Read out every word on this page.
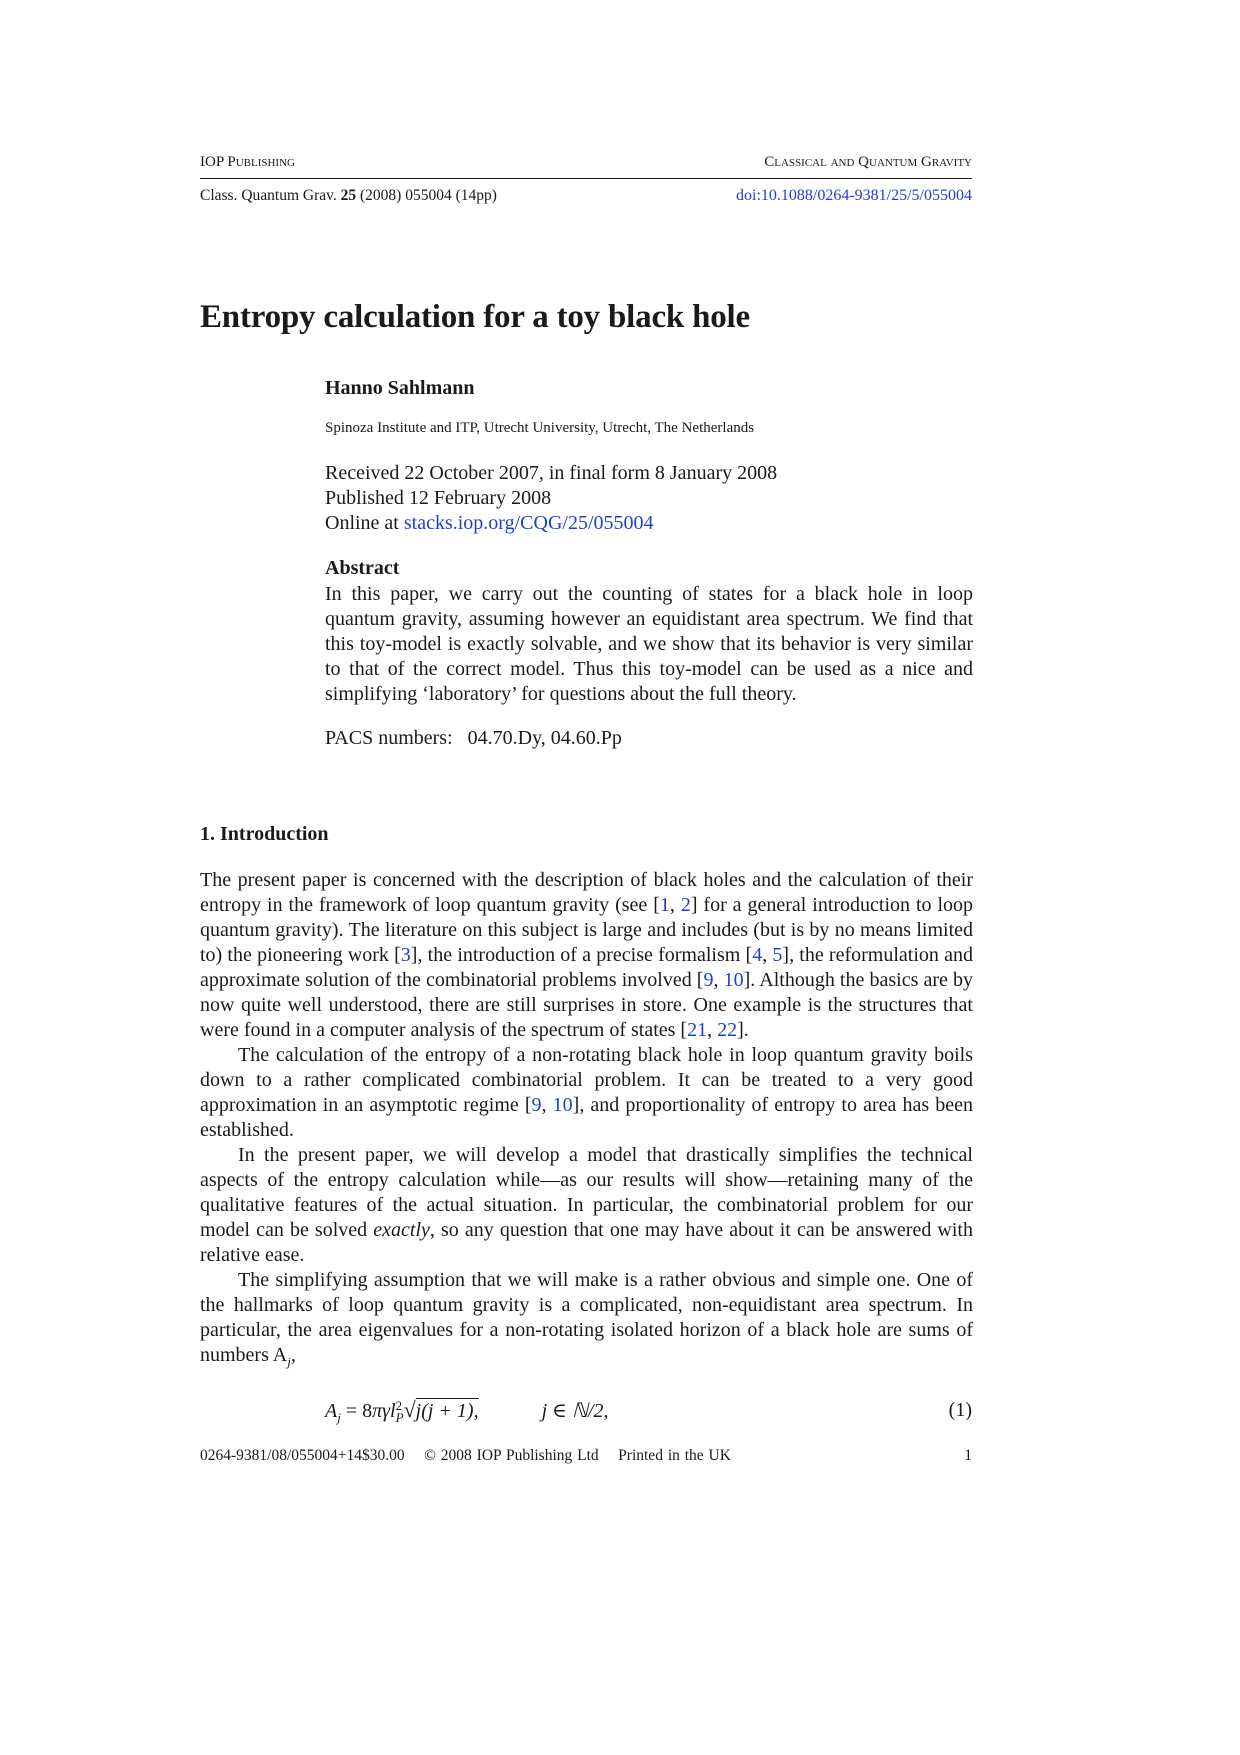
IOP Publishing	Classical and Quantum Gravity
Class. Quantum Grav. 25 (2008) 055004 (14pp)	doi:10.1088/0264-9381/25/5/055004
Entropy calculation for a toy black hole
Hanno Sahlmann
Spinoza Institute and ITP, Utrecht University, Utrecht, The Netherlands
Received 22 October 2007, in final form 8 January 2008
Published 12 February 2008
Online at stacks.iop.org/CQG/25/055004
Abstract
In this paper, we carry out the counting of states for a black hole in loop quantum gravity, assuming however an equidistant area spectrum. We find that this toy-model is exactly solvable, and we show that its behavior is very similar to that of the correct model. Thus this toy-model can be used as a nice and simplifying ‘laboratory’ for questions about the full theory.
PACS numbers:   04.70.Dy, 04.60.Pp
1. Introduction

The present paper is concerned with the description of black holes and the calculation of their entropy in the framework of loop quantum gravity (see [1, 2] for a general introduction to loop quantum gravity). The literature on this subject is large and includes (but is by no means limited to) the pioneering work [3], the introduction of a precise formalism [4, 5], the reformulation and approximate solution of the combinatorial problems involved [9, 10]. Although the basics are by now quite well understood, there are still surprises in store. One example is the structures that were found in a computer analysis of the spectrum of states [21, 22].

The calculation of the entropy of a non-rotating black hole in loop quantum gravity boils down to a rather complicated combinatorial problem. It can be treated to a very good approximation in an asymptotic regime [9, 10], and proportionality of entropy to area has been established.

In the present paper, we will develop a model that drastically simplifies the technical aspects of the entropy calculation while—as our results will show—retaining many of the qualitative features of the actual situation. In particular, the combinatorial problem for our model can be solved exactly, so any question that one may have about it can be answered with relative ease.

The simplifying assumption that we will make is a rather obvious and simple one. One of the hallmarks of loop quantum gravity is a complicated, non-equidistant area spectrum. In particular, the area eigenvalues for a non-rotating isolated horizon of a black hole are sums of numbers $A_j$,

$A_j = 8\pi\gamma l$ 2
P √j(j + 1),	j ∈ ℕ/2,	(1)
0264-9381/08/055004+14$30.00    © 2008 IOP Publishing Ltd    Printed in the UK	1
